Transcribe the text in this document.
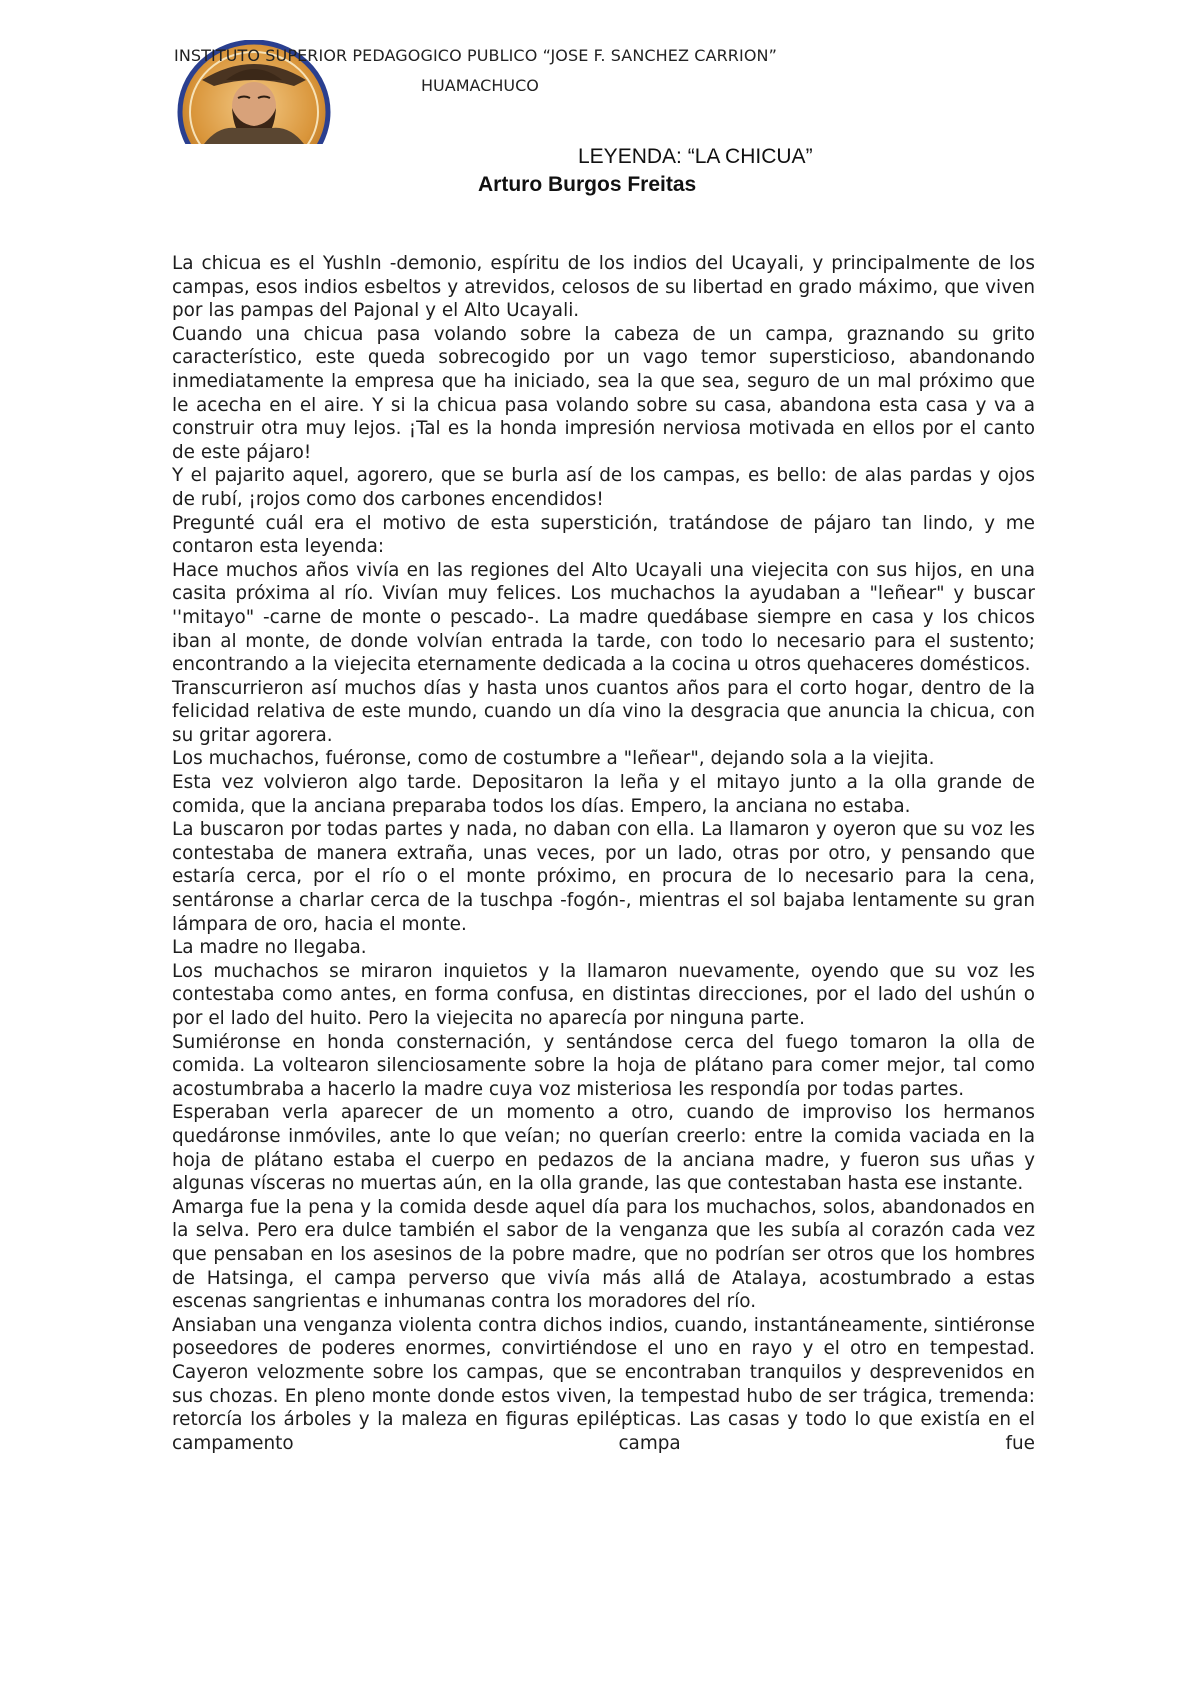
INSTITUTO SUPERIOR PEDAGOGICO PUBLICO “JOSE F. SANCHEZ CARRION”
HUAMACHUCO
LEYENDA: “LA CHICUA”
Arturo Burgos Freitas

La chicua es el Yushln -demonio, espíritu de los indios del Ucayali, y principalmente de los campas, esos indios esbeltos y atrevidos, celosos de su libertad en grado máximo, que viven por las pampas del Pajonal y el Alto Ucayali.

Cuando una chicua pasa volando sobre la cabeza de un campa, graznando su grito característico, este queda sobrecogido por un vago temor supersticioso, abandonando inmediatamente la empresa que ha iniciado, sea la que sea, seguro de un mal próximo que le acecha en el aire. Y si la chicua pasa volando sobre su casa, abandona esta casa y va a construir otra muy lejos. ¡Tal es la honda impresión nerviosa motivada en ellos por el canto de este pájaro!

Y el pajarito aquel, agorero, que se burla así de los campas, es bello: de alas pardas y ojos de rubí, ¡rojos como dos carbones encendidos!

Pregunté cuál era el motivo de esta superstición, tratándose de pájaro tan lindo, y me contaron esta leyenda:

Hace muchos años vivía en las regiones del Alto Ucayali una viejecita con sus hijos, en una casita próxima al río. Vivían muy felices. Los muchachos la ayudaban a "leñear" y buscar ''mitayo" -carne de monte o pescado-. La madre quedábase siempre en casa y los chicos iban al monte, de donde volvían entrada la tarde, con todo lo necesario para el sustento; encontrando a la viejecita eternamente dedicada a la cocina u otros quehaceres domésticos.

Transcurrieron así muchos días y hasta unos cuantos años para el corto hogar, dentro de la felicidad relativa de este mundo, cuando un día vino la desgracia que anuncia la chicua, con su gritar agorera.

Los muchachos, fuéronse, como de costumbre a "leñear", dejando sola a la viejita.

Esta vez volvieron algo tarde. Depositaron la leña y el mitayo junto a la olla grande de comida, que la anciana preparaba todos los días. Empero, la anciana no estaba.

La buscaron por todas partes y nada, no daban con ella. La llamaron y oyeron que su voz les contestaba de manera extraña, unas veces, por un lado, otras por otro, y pensando que estaría cerca, por el río o el monte próximo, en procura de lo necesario para la cena, sentáronse a charlar cerca de la tuschpa -fogón-, mientras el sol bajaba lentamente su gran lámpara de oro, hacia el monte.

La madre no llegaba.

Los muchachos se miraron inquietos y la llamaron nuevamente, oyendo que su voz les contestaba como antes, en forma confusa, en distintas direcciones, por el lado del ushún o por el lado del huito. Pero la viejecita no aparecía por ninguna parte.

Sumiéronse en honda consternación, y sentándose cerca del fuego tomaron la olla de comida. La voltearon silenciosamente sobre la hoja de plátano para comer mejor, tal como acostumbraba a hacerlo la madre cuya voz misteriosa les respondía por todas partes.

Esperaban verla aparecer de un momento a otro, cuando de improviso los hermanos quedáronse inmóviles, ante lo que veían; no querían creerlo: entre la comida vaciada en la hoja de plátano estaba el cuerpo en pedazos de la anciana madre, y fueron sus uñas y algunas vísceras no muertas aún, en la olla grande, las que contestaban hasta ese instante.

Amarga fue la pena y la comida desde aquel día para los muchachos, solos, abandonados en la selva. Pero era dulce también el sabor de la venganza que les subía al corazón cada vez que pensaban en los asesinos de la pobre madre, que no podrían ser otros que los hombres de Hatsinga, el campa perverso que vivía más allá de Atalaya, acostumbrado a estas escenas sangrientas e inhumanas contra los moradores del río.

Ansiaban una venganza violenta contra dichos indios, cuando, instantáneamente, sintiéronse poseedores de poderes enormes, convirtiéndose el uno en rayo y el otro en tempestad. Cayeron velozmente sobre los campas, que se encontraban tranquilos y desprevenidos en sus chozas. En pleno monte donde estos viven, la tempestad hubo de ser trágica, tremenda: retorcía los árboles y la maleza en figuras epilépticas. Las casas y todo lo que existía en el campamento campa fue
